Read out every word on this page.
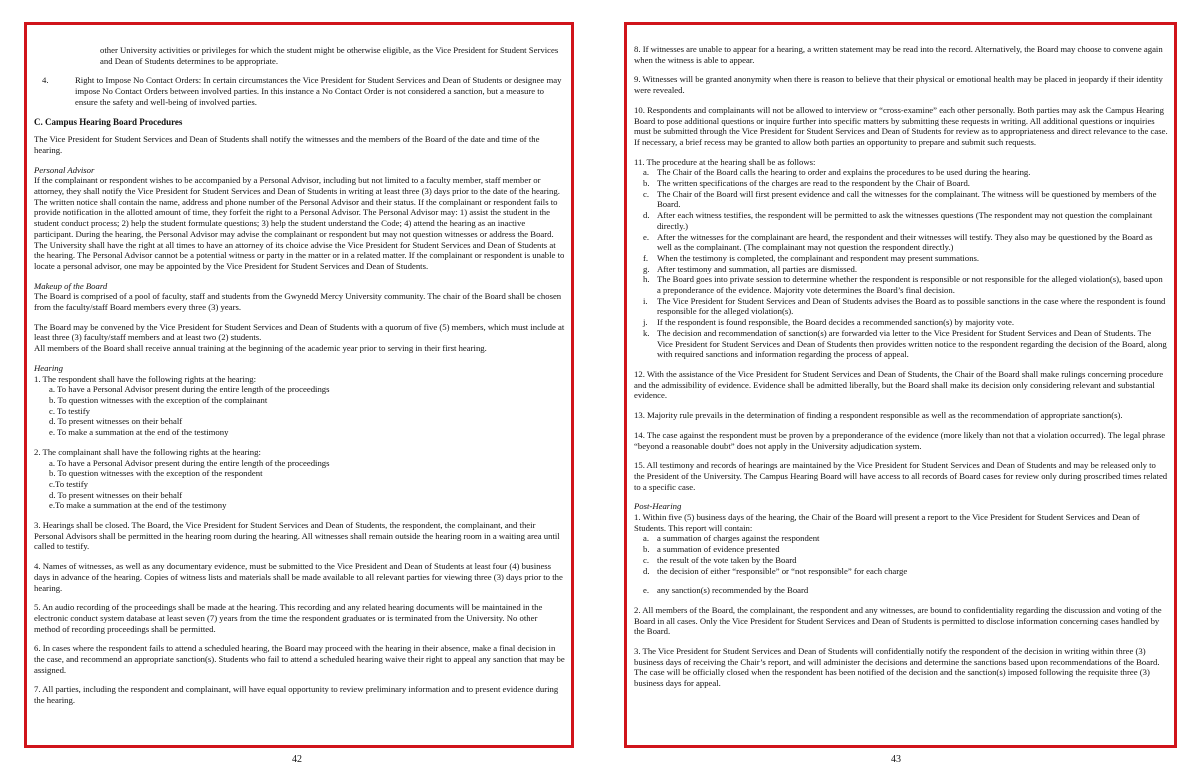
other University activities or privileges for which the student might be otherwise eligible, as the Vice President for Student Services and Dean of Students determines to be appropriate.
4.	Right to Impose No Contact Orders: In certain circumstances the Vice President for Student Services and Dean of Students or designee may impose No Contact Orders between involved parties. In this instance a No Contact Order is not considered a sanction, but a measure to ensure the safety and well-being of involved parties.
C. Campus Hearing Board Procedures
The Vice President for Student Services and Dean of Students shall notify the witnesses and the members of the Board of the date and time of the hearing.
Personal Advisor
If the complainant or respondent wishes to be accompanied by a Personal Advisor, including but not limited to a faculty member, staff member or attorney, they shall notify the Vice President for Student Services and Dean of Students in writing at least three (3) days prior to the date of the hearing. The written notice shall contain the name, address and phone number of the Personal Advisor and their status. If the complainant or respondent fails to provide notification in the allotted amount of time, they forfeit the right to a Personal Advisor. The Personal Advisor may: 1) assist the student in the student conduct process; 2) help the student formulate questions; 3) help the student understand the Code; 4) attend the hearing as an inactive participant. During the hearing, the Personal Advisor may advise the complainant or respondent but may not question witnesses or address the Board. The University shall have the right at all times to have an attorney of its choice advise the Vice President for Student Services and Dean of Students at the hearing. The Personal Advisor cannot be a potential witness or party in the matter or in a related matter. If the complainant or respondent is unable to locate a personal advisor, one may be appointed by the Vice President for Student Services and Dean of Students.
Makeup of the Board
The Board is comprised of a pool of faculty, staff and students from the Gwynedd Mercy University community. The chair of the Board shall be chosen from the faculty/staff Board members every three (3) years.
The Board may be convened by the Vice President for Student Services and Dean of Students with a quorum of five (5) members, which must include at least three (3) faculty/staff members and at least two (2) students.
All members of the Board shall receive annual training at the beginning of the academic year prior to serving in their first hearing.
Hearing
1. The respondent shall have the following rights at the hearing:
a. To have a Personal Advisor present during the entire length of the proceedings
b. To question witnesses with the exception of the complainant
c. To testify
d. To present witnesses on their behalf
e. To make a summation at the end of the testimony
2. The complainant shall have the following rights at the hearing:
a. To have a Personal Advisor present during the entire length of the proceedings
b. To question witnesses with the exception of the respondent
c.To testify
d. To present witnesses on their behalf
e.To make a summation at the end of the testimony
3. Hearings shall be closed. The Board, the Vice President for Student Services and Dean of Students, the respondent, the complainant, and their Personal Advisors shall be permitted in the hearing room during the hearing. All witnesses shall remain outside the hearing room in a waiting area until called to testify.
4. Names of witnesses, as well as any documentary evidence, must be submitted to the Vice President and Dean of Students at least four (4) business days in advance of the hearing. Copies of witness lists and materials shall be made available to all relevant parties for viewing three (3) days prior to the hearing.
5. An audio recording of the proceedings shall be made at the hearing. This recording and any related hearing documents will be maintained in the electronic conduct system database at least seven (7) years from the time the respondent graduates or is terminated from the University. No other method of recording proceedings shall be permitted.
6. In cases where the respondent fails to attend a scheduled hearing, the Board may proceed with the hearing in their absence, make a final decision in the case, and recommend an appropriate sanction(s). Students who fail to attend a scheduled hearing waive their right to appeal any sanction that may be assigned.
7. All parties, including the respondent and complainant, will have equal opportunity to review preliminary information and to present evidence during the hearing.
42
8. If witnesses are unable to appear for a hearing, a written statement may be read into the record. Alternatively, the Board may choose to convene again when the witness is able to appear.
9. Witnesses will be granted anonymity when there is reason to believe that their physical or emotional health may be placed in jeopardy if their identity were revealed.
10. Respondents and complainants will not be allowed to interview or “cross-examine” each other personally. Both parties may ask the Campus Hearing Board to pose additional questions or inquire further into specific matters by submitting these requests in writing. All additional questions or inquiries must be submitted through the Vice President for Student Services and Dean of Students for review as to appropriateness and direct relevance to the case. If necessary, a brief recess may be granted to allow both parties an opportunity to prepare and submit such requests.
11. The procedure at the hearing shall be as follows:
a. The Chair of the Board calls the hearing to order and explains the procedures to be used during the hearing.
b. The written specifications of the charges are read to the respondent by the Chair of Board.
c. The Chair of the Board will first present evidence and call the witnesses for the complainant. The witness will be questioned by members of the Board.
d. After each witness testifies, the respondent will be permitted to ask the witnesses questions (The respondent may not question the complainant directly.)
e. After the witnesses for the complainant are heard, the respondent and their witnesses will testify. They also may be questioned by the Board as well as the complainant. (The complainant may not question the respondent directly.)
f.	When the testimony is completed, the complainant and respondent may present summations.
g. After testimony and summation, all parties are dismissed.
h. The Board goes into private session to determine whether the respondent is responsible or not responsible for the alleged violation(s), based upon a preponderance of the evidence. Majority vote determines the Board’s final decision.
i.	The Vice President for Student Services and Dean of Students advises the Board as to possible sanctions in the case where the respondent is found responsible for the alleged violation(s).
j.	If the respondent is found responsible, the Board decides a recommended sanction(s) by majority vote.
k. The decision and recommendation of sanction(s) are forwarded via letter to the Vice President for Student Services and Dean of Students. The Vice President for Student Services and Dean of Students then provides written notice to the respondent regarding the decision of the Board, along with required sanctions and information regarding the process of appeal.
12. With the assistance of the Vice President for Student Services and Dean of Students, the Chair of the Board shall make rulings concerning procedure and the admissibility of evidence. Evidence shall be admitted liberally, but the Board shall make its decision only considering relevant and substantial evidence.
13. Majority rule prevails in the determination of finding a respondent responsible as well as the recommendation of appropriate sanction(s).
14. The case against the respondent must be proven by a preponderance of the evidence (more likely than not that a violation occurred). The legal phrase “beyond a reasonable doubt” does not apply in the University adjudication system.
15. All testimony and records of hearings are maintained by the Vice President for Student Services and Dean of Students and may be released only to the President of the University. The Campus Hearing Board will have access to all records of Board cases for review only during proscribed times related to a specific case.
Post-Hearing
1. Within five (5) business days of the hearing, the Chair of the Board will present a report to the Vice President for Student Services and Dean of Students. This report will contain:
a. a summation of charges against the respondent
b. a summation of evidence presented
c. the result of the vote taken by the Board
d. the decision of either “responsible” or “not responsible” for each charge
e. any sanction(s) recommended by the Board
2. All members of the Board, the complainant, the respondent and any witnesses, are bound to confidentiality regarding the discussion and voting of the Board in all cases. Only the Vice President for Student Services and Dean of Students is permitted to disclose information concerning cases handled by the Board.
3. The Vice President for Student Services and Dean of Students will confidentially notify the respondent of the decision in writing within three (3) business days of receiving the Chair’s report, and will administer the decisions and determine the sanctions based upon recommendations of the Board. The case will be officially closed when the respondent has been notified of the decision and the sanction(s) imposed following the requisite three (3) business days for appeal.
43
